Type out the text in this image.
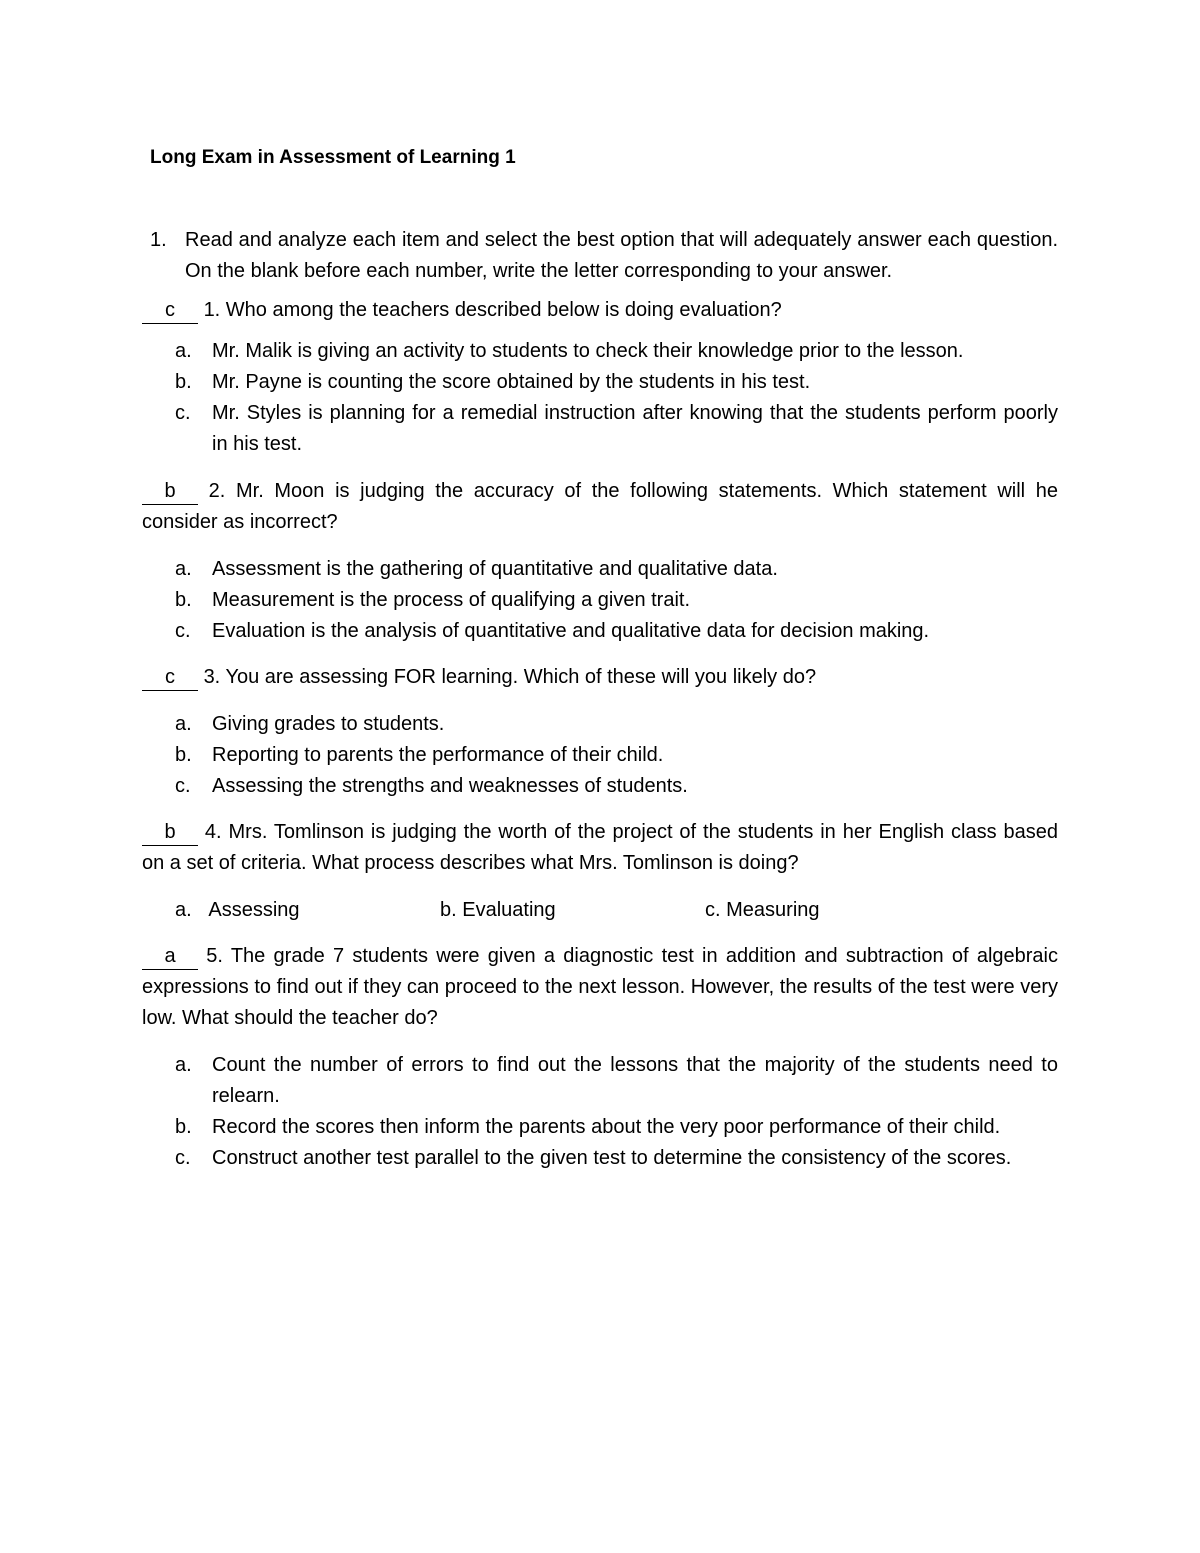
Long Exam in Assessment of Learning 1
1. Read and analyze each item and select the best option that will adequately answer each question. On the blank before each number, write the letter corresponding to your answer.
c 1. Who among the teachers described below is doing evaluation?
a. Mr. Malik is giving an activity to students to check their knowledge prior to the lesson.
b. Mr. Payne is counting the score obtained by the students in his test.
c. Mr. Styles is planning for a remedial instruction after knowing that the students perform poorly in his test.
b 2. Mr. Moon is judging the accuracy of the following statements. Which statement will he consider as incorrect?
a. Assessment is the gathering of quantitative and qualitative data.
b. Measurement is the process of qualifying a given trait.
c. Evaluation is the analysis of quantitative and qualitative data for decision making.
c 3. You are assessing FOR learning. Which of these will you likely do?
a. Giving grades to students.
b. Reporting to parents the performance of their child.
c. Assessing the strengths and weaknesses of students.
b 4. Mrs. Tomlinson is judging the worth of the project of the students in her English class based on a set of criteria. What process describes what Mrs. Tomlinson is doing?
a. Assessing	b. Evaluating	c. Measuring
a 5. The grade 7 students were given a diagnostic test in addition and subtraction of algebraic expressions to find out if they can proceed to the next lesson. However, the results of the test were very low. What should the teacher do?
a. Count the number of errors to find out the lessons that the majority of the students need to relearn.
b. Record the scores then inform the parents about the very poor performance of their child.
c. Construct another test parallel to the given test to determine the consistency of the scores.
